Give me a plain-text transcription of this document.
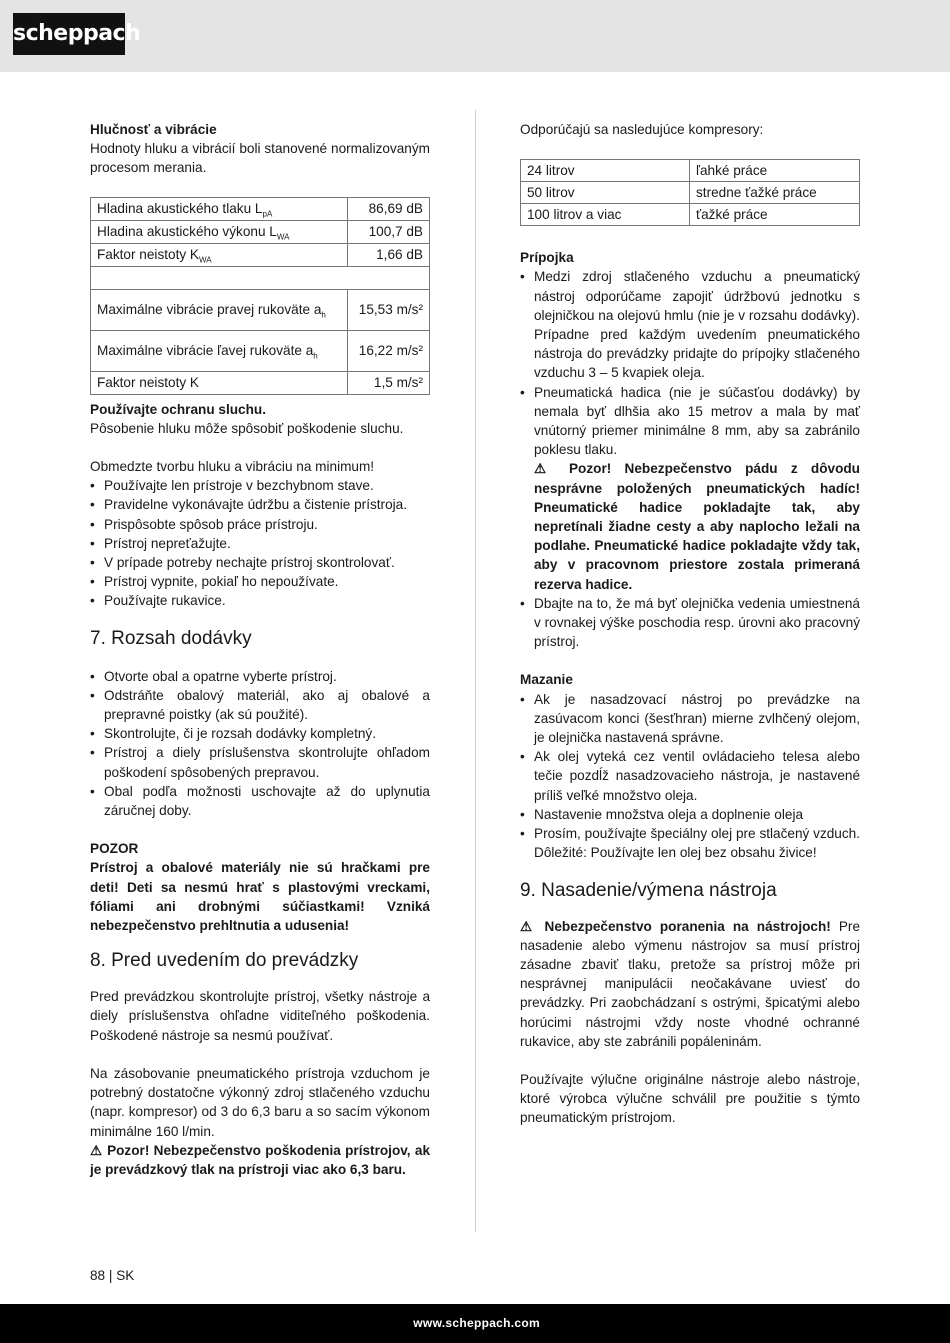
scheppach

Hlučnosť a vibrácie

Hodnoty hluku a vibrácií boli stanovené normalizovaným procesom merania.

Hladina akustického tlaku $L_{pA}$	86,69 dB
Hladina akustického výkonu $L_{WA}$	100,7 dB
Faktor neistoty $K_{WA}$	1,66 dB

Maximálne vibrácie pravej rukoväte $a_h$	15,53 m/s²
Maximálne vibrácie ľavej rukoväte $a_h$	16,22 m/s²
Faktor neistoty K	1,5 m/s²

Používajte ochranu sluchu.

Pôsobenie hluku môže spôsobiť poškodenie sluchu.

Obmedzte tvorbu hluku a vibráciu na minimum!

• Používajte len prístroje v bezchybnom stave.
• Pravidelne vykonávajte údržbu a čistenie prístroja.
• Prispôsobte spôsob práce prístroju.
• Prístroj nepreťažujte.
• V prípade potreby nechajte prístroj skontrolovať.
• Prístroj vypnite, pokiaľ ho nepoužívate.
• Používajte rukavice.
7. Rozsah dodávky
• Otvorte obal a opatrne vyberte prístroj.
• Odstráňte obalový materiál, ako aj obalové a prepravné poistky (ak sú použité).
• Skontrolujte, či je rozsah dodávky kompletný.
• Prístroj a diely príslušenstva skontrolujte ohľadom poškodení spôsobených prepravou.
• Obal podľa možnosti uschovajte až do uplynutia záručnej doby.

POZOR

Prístroj a obalové materiály nie sú hračkami pre deti! Deti sa nesmú hrať s plastovými vreckami, fóliami ani drobnými súčiastkami! Vzniká nebezpečenstvo prehltnutia a udusenia!

8. Pred uvedením do prevádzky

Pred prevádzkou skontrolujte prístroj, všetky nástroje a diely príslušenstva ohľadne viditeľného poškodenia. Poškodené nástroje sa nesmú používať.

Na zásobovanie pneumatického prístroja vzduchom je potrebný dostatočne výkonný zdroj stlačeného vzduchu (napr. kompresor) od 3 do 6,3 baru a so sacím výkonom minimálne 160 l/min.

⚠ Pozor! Nebezpečenstvo poškodenia prístrojov, ak je prevádzkový tlak na prístroji viac ako 6,3 baru.

Odporúčajú sa nasledujúce kompresory:

24 litrov	ľahké práce
50 litrov	stredne ťažké práce
100 litrov a viac	ťažké práce

Prípojka

• Medzi zdroj stlačeného vzduchu a pneumatický nástroj odporúčame zapojiť údržbovú jednotku s olejničkou na olejovú hmlu (nie je v rozsahu dodávky). Prípadne pred každým uvedením pneumatického nástroja do prevádzky pridajte do prípojky stlačeného vzduchu 3 – 5 kvapiek oleja.
• Pneumatická hadica (nie je súčasťou dodávky) by nemala byť dlhšia ako 15 metrov a mala by mať vnútorný priemer minimálne 8 mm, aby sa zabránilo poklesu tlaku.
⚠ Pozor! Nebezpečenstvo pádu z dôvodu nesprávne položených pneumatických hadíc! Pneumatické hadice pokladajte tak, aby nepretínali žiadne cesty a aby naplocho ležali na podlahe. Pneumatické hadice pokladajte vždy tak, aby v pracovnom priestore zostala primeraná rezerva hadice.
• Dbajte na to, že má byť olejnička vedenia umiestnená v rovnakej výške poschodia resp. úrovni ako pracovný prístroj.

Mazanie

• Ak je nasadzovací nástroj po prevádzke na zasúvacom konci (šesťhran) mierne zvlhčený olejom, je olejnička nastavená správne.
• Ak olej vyteká cez ventil ovládacieho telesa alebo tečie pozdĺž nasadzovacieho nástroja, je nastavené príliš veľké množstvo oleja.
• Nastavenie množstva oleja a doplnenie oleja
• Prosím, používajte špeciálny olej pre stlačený vzduch. Dôležité: Používajte len olej bez obsahu živice!
9. Nasadenie/výmena nástroja

⚠ Nebezpečenstvo poranenia na nástrojoch! Pre nasadenie alebo výmenu nástrojov sa musí prístroj zásadne zbaviť tlaku, pretože sa prístroj môže pri nesprávnej manipulácii neočakávane uviesť do prevádzky. Pri zaobchádzaní s ostrými, špicatými alebo horúcimi nástrojmi vždy noste vhodné ochranné rukavice, aby ste zabránili popáleninám.

Používajte výlučne originálne nástroje alebo nástroje, ktoré výrobca výlučne schválil pre použitie s týmto pneumatickým prístrojom.

88 | SK
www.scheppach.com
